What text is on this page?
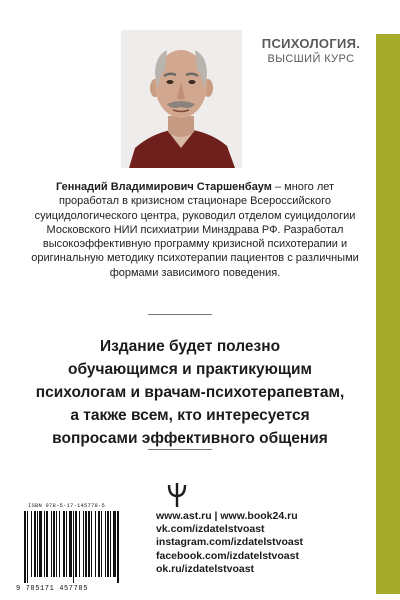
ПСИХОЛОГИЯ.
ВЫСШИЙ КУРС
Геннадий Владимирович Старшенбаум – много лет проработал в кризисном стационаре Всероссийского суицидологического центра, руководил отделом суицидологии Московского НИИ психиатрии Минздрава РФ. Разработал высокоэффективную программу кризисной психотерапии и оригинальную методику психотерапии пациентов с различными формами зависимого поведения.
Издание будет полезно
обучающимся и практикующим
психологам и врачам-психотерапевтам,
а также всем, кто интересуется
вопросами эффективного общения
www.ast.ru | www.book24.ru
vk.com/izdatelstvoast
instagram.com/izdatelstvoast
facebook.com/izdatelstvoast
ok.ru/izdatelstvoast
ISBN 978-5-17-145778-5
9 785171 457785
